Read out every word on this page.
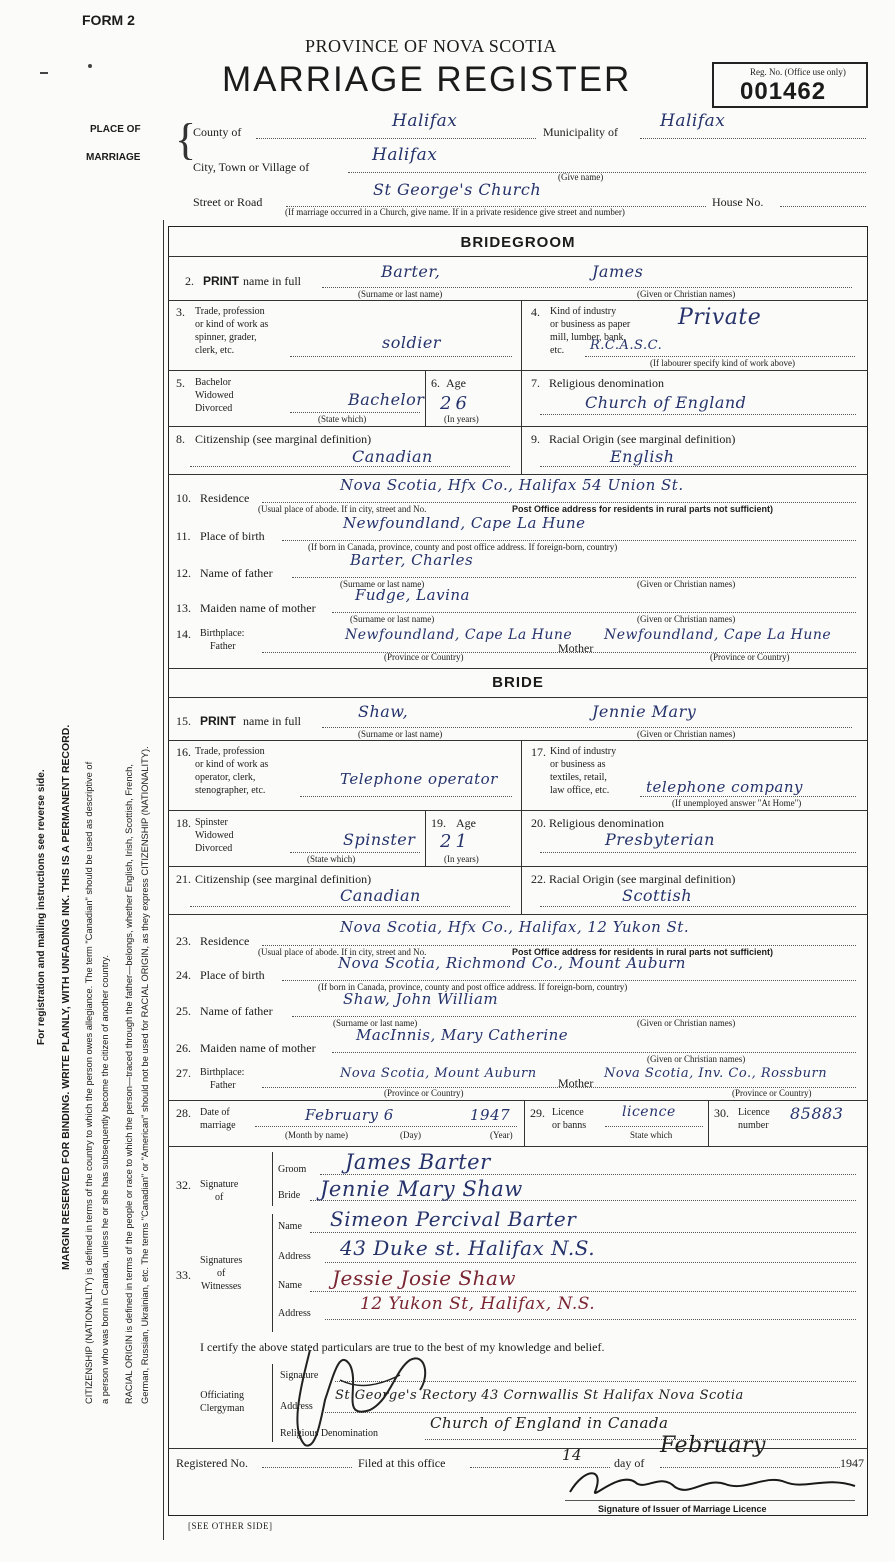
FORM 2
PROVINCE OF NOVA SCOTIA
MARRIAGE REGISTER	Reg. No. (Office use only)
001462
For registration and mailing instructions see reverse side. MARGIN RESERVED FOR BINDING. WRITE PLAINLY, WITH UNFADING INK. THIS IS A PERMANENT RECORD. CITIZENSHIP (NATIONALITY) is defined in terms of the country to which the person owes allegiance. The term "Canadian" should be used as descriptive of a person who was born in Canada, unless he or she has subsequently become the citizen of another country. RACIAL ORIGIN is defined in terms of the people or race to which the person—traced through the father—belongs, whether English, Irish, Scottish, French, German, Russian, Ukrainian, etc. The terms "Canadian" or "American" should not be used for RACIAL ORIGIN, as they express CITIZENSHIP (NATIONALITY).
PLACE OF
MARRIAGE {
County of
Halifax
Municipality of
Halifax
City, Town or Village of
Halifax
(Give name)
Street or Road
St George's Church
House No.
(If marriage occurred in a Church, give name. If in a private residence give street and number)
BRIDEGROOM
2. PRINT name in full	Barter,	James
(Surname or last name)	(Given or Christian names)
3. Trade, profession
or kind of work as
spinner, grader,
clerk, etc.	soldier
4. Kind of industry
or business as paper
mill, lumber, bank,
etc.
Private
R.C.A.S.C.
(If labourer specify kind of work above)
5. Bachelor
Widowed
Divorced	Bachelor
(State which)
6. Age
26
(In years)
7. Religious denomination
Church of England
8. Citizenship (see marginal definition)
Canadian
9. Racial Origin (see marginal definition)
English
10. Residence
Nova Scotia, Hfx Co., Halifax 54 Union St.
(Usual place of abode. If in city, street and No.	Post Office address for residents in rural parts not sufficient)
11. Place of birth
Newfoundland, Cape La Hune
(If born in Canada, province, county and post office address. If foreign-born, country)
12. Name of father
Barter, Charles
(Surname or last name)	(Given or Christian names)
13. Maiden name of mother
Fudge, Lavina
(Surname or last name)	(Given or Christian names)
14. Birthplace:
Father
Newfoundland, Cape La Hune
Mother
Newfoundland, Cape La Hune
(Province or Country)	(Province or Country)
BRIDE
15. PRINT name in full	Shaw,	Jennie Mary
(Surname or last name)	(Given or Christian names)
16. Trade, profession
or kind of work as
operator, clerk,
stenographer, etc.
Telephone operator
17. Kind of industry
or business as
textiles, retail,
law office, etc.	telephone company
(If unemployed answer "At Home")
18. Spinster
Widowed
Divorced	Spinster
(State which)
19. Age
21
(In years)
20. Religious denomination
Presbyterian
21. Citizenship (see marginal definition)
Canadian
22. Racial Origin (see marginal definition)
Scottish
23. Residence
Nova Scotia, Hfx Co., Halifax, 12 Yukon St.
(Usual place of abode. If in city, street and No.	Post Office address for residents in rural parts not sufficient)
24. Place of birth
Nova Scotia, Richmond Co., Mount Auburn
(If born in Canada, province, county and post office address. If foreign-born, country)
25. Name of father
Shaw, John William
(Surname or last name)	(Given or Christian names)
26. Maiden name of mother
MacInnis, Mary Catherine
(Given or Christian names)
27. Birthplace:
Father
Nova Scotia, Mount Auburn
Mother
Nova Scotia, Inv. Co., Rossburn
(Province or Country)	(Province or Country)
28. Date of
marriage
February 6	1947
(Month by name)	(Day)	(Year)
29. Licence
or banns
licence
State which
30. Licence
number
85883
32. Signature
of
Groom James Barter
Bride Jennie Mary Shaw
33.
Signatures
of
Witnesses
Name Simeon Percival Barter
Address 43 Duke st. Halifax N.S.
Name Jessie Josie Shaw
Address	12 Yukon St, Halifax, N.S.
I certify the above stated particulars are true to the best of my knowledge and belief.
Officiating
Clergyman
Signature
Address
St George's Rectory 43 Cornwallis St Halifax Nova Scotia
Religious Denomination
Church of England in Canada
Registered No.	Filed at this office	14	day of
February
1947
Signature of Issuer of Marriage Licence
[SEE OTHER SIDE]
